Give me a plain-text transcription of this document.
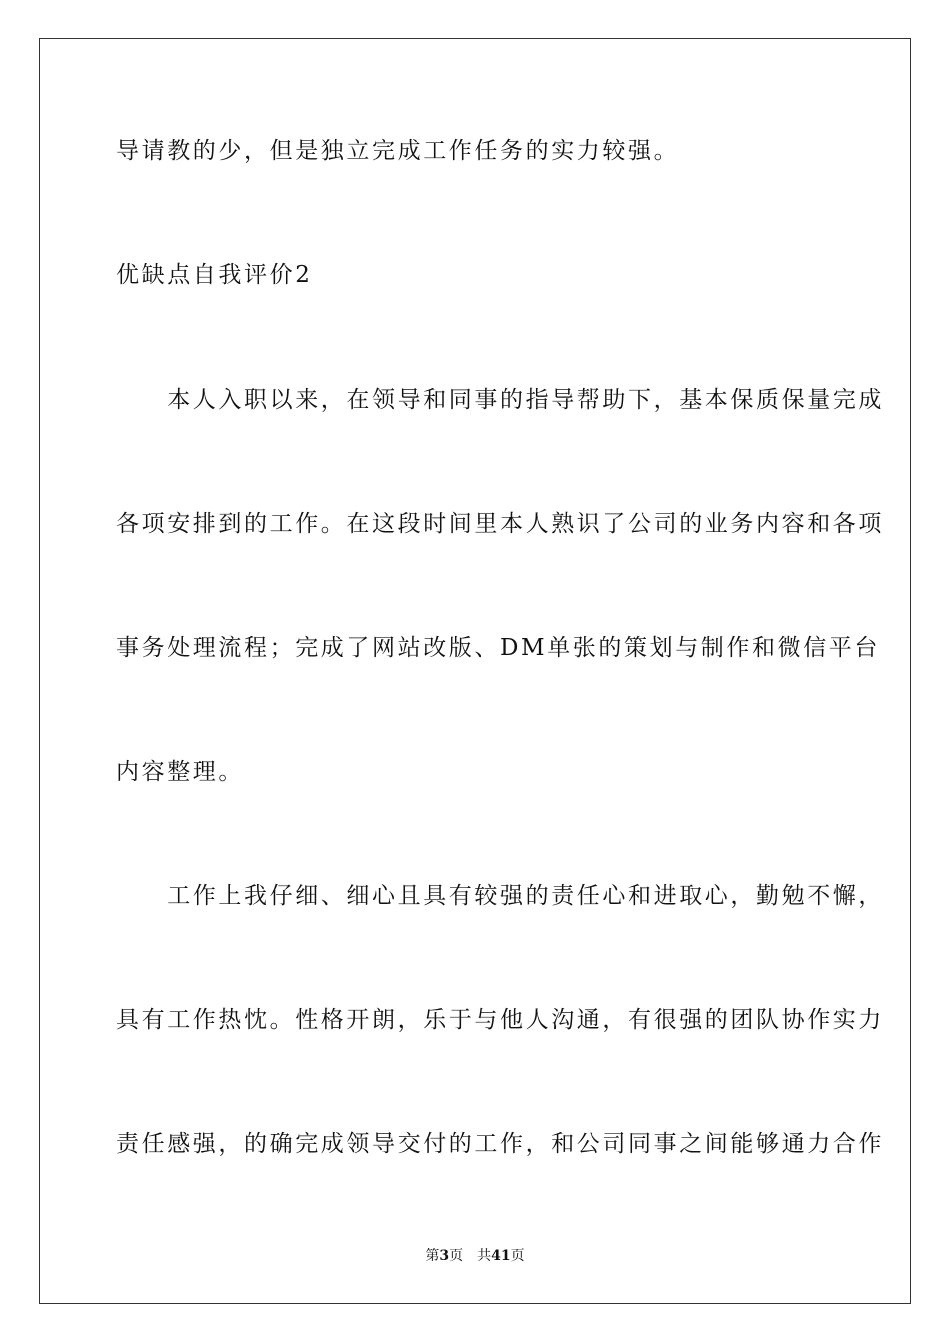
导请教的少，但是独立完成工作任务的实力较强。
优缺点自我评价2
　　本人入职以来，在领导和同事的指导帮助下，基本保质保量完成
各项安排到的工作。在这段时间里本人熟识了公司的业务内容和各项
事务处理流程；完成了网站改版、DM单张的策划与制作和微信平台
内容整理。
　　工作上我仔细、细心且具有较强的责任心和进取心，勤勉不懈，
具有工作热忱。性格开朗，乐于与他人沟通，有很强的团队协作实力
责任感强，的确完成领导交付的工作，和公司同事之间能够通力合作
第3页 共41页
